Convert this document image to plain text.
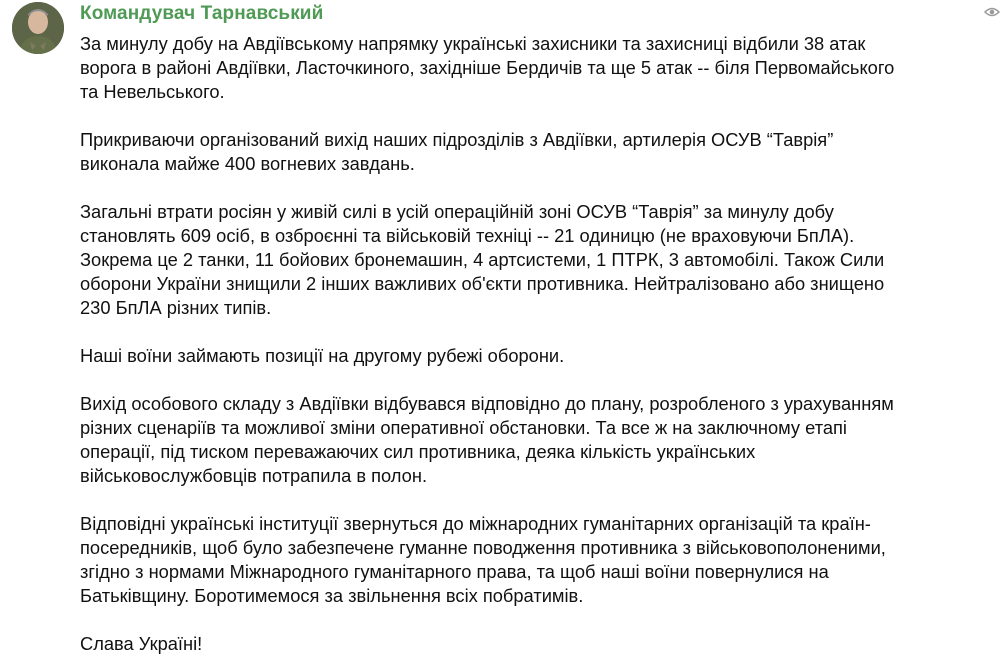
Командувач Тарнавський

За минулу добу на Авдіївському напрямку українські захисники та захисниці відбили 38 атак
ворога в районі Авдіївки, Ласточкиного, західніше Бердичів та ще 5 атак -- біля Первомайського
та Невельського.

Прикриваючи організований вихід наших підрозділів з Авдіївки, артилерія ОСУВ “Таврія”
виконала майже 400 вогневих завдань.

Загальні втрати росіян у живій силі в усій операційній зоні ОСУВ “Таврія” за минулу добу
становлять 609 осіб, в озброєнні та військовій техніці -- 21 одиницю (не враховуючи БпЛА).
Зокрема це 2 танки, 11 бойових бронемашин, 4 артсистеми, 1 ПТРК, 3 автомобілі. Також Сили
оборони України знищили 2 інших важливих об'єкти противника. Нейтралізовано або знищено
230 БпЛА різних типів.

Наші воїни займають позиції на другому рубежі оборони.

Вихід особового складу з Авдіївки відбувався відповідно до плану, розробленого з урахуванням
різних сценаріїв та можливої зміни оперативної обстановки. Та все ж на заключному етапі
операції, під тиском переважаючих сил противника, деяка кількість українських
військовослужбовців потрапила в полон.

Відповідні українські інституції звернуться до міжнародних гуманітарних організацій та країн-
посередників, щоб було забезпечене гуманне поводження противника з військовополоненими,
згідно з нормами Міжнародного гуманітарного права, та щоб наші воїни повернулися на
Батьківщину. Боротимемося за звільнення всіх побратимів.

Слава Україні!
